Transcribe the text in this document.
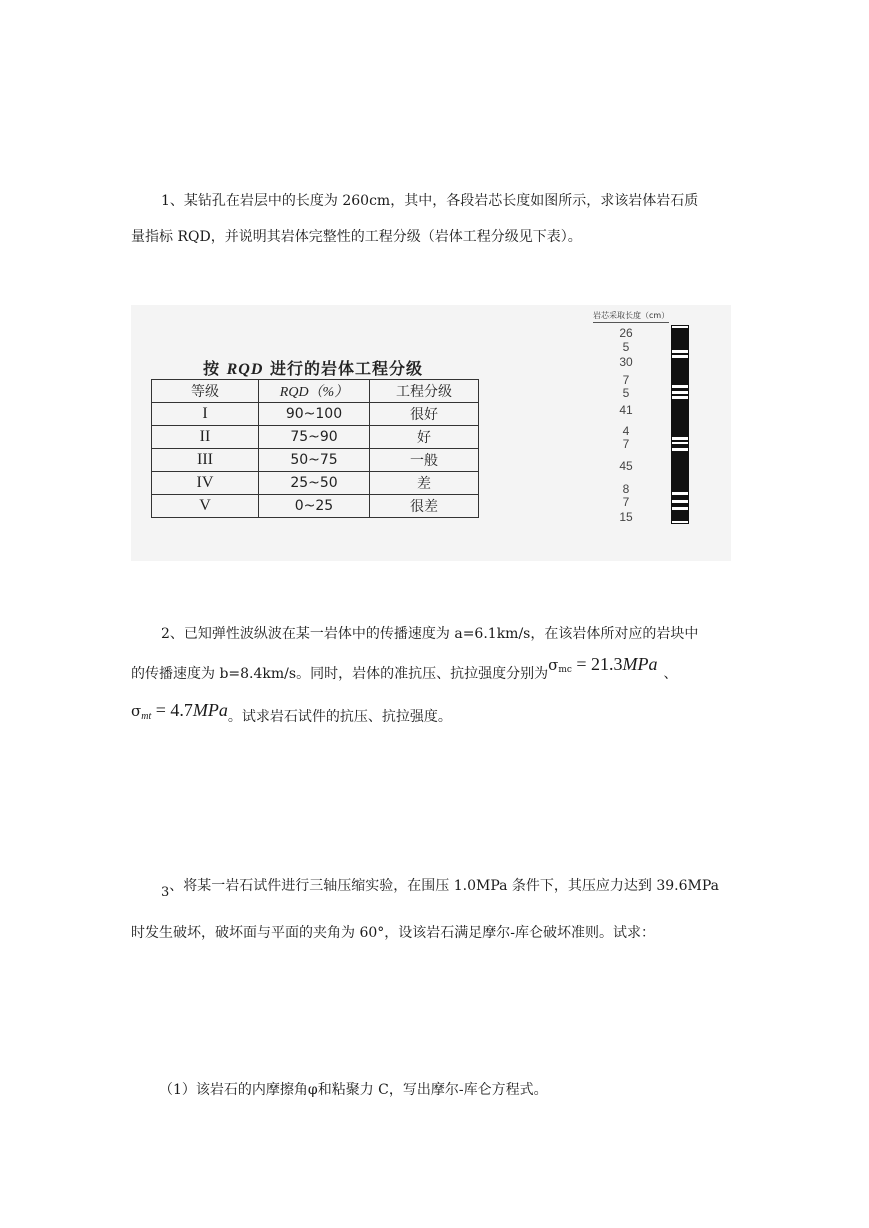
1、某钻孔在岩层中的长度为 260cm，其中，各段岩芯长度如图所示，求该岩体岩石质
量指标 RQD，并说明其岩体完整性的工程分级（岩体工程分级见下表）。
按 RQD 进行的岩体工程分级
等级	RQD（%）	工程分级
I	90~100	很好
II	75~90	好
III	50~75	一般
IV	25~50	差
V	0~25	很差
岩芯采取长度（cm）
26
5
30
7
5
41
4
7
45
8
7
15
2、已知弹性波纵波在某一岩体中的传播速度为 a=6.1km/s，在该岩体所对应的岩块中
的传播速度为 b=8.4km/s。同时，岩体的准抗压、抗拉强度分别为$\sigma_{mc} = 21.3MPa$ 、
$\sigma_{mt} = 4.7MPa$。试求岩石试件的抗压、抗拉强度。
3、将某一岩石试件进行三轴压缩实验，在围压 1.0MPa 条件下，其压应力达到 39.6MPa
时发生破坏，破坏面与平面的夹角为 60°，设该岩石满足摩尔-库仑破坏准则。试求：
（1）该岩石的内摩擦角φ和粘聚力 C，写出摩尔-库仑方程式。
